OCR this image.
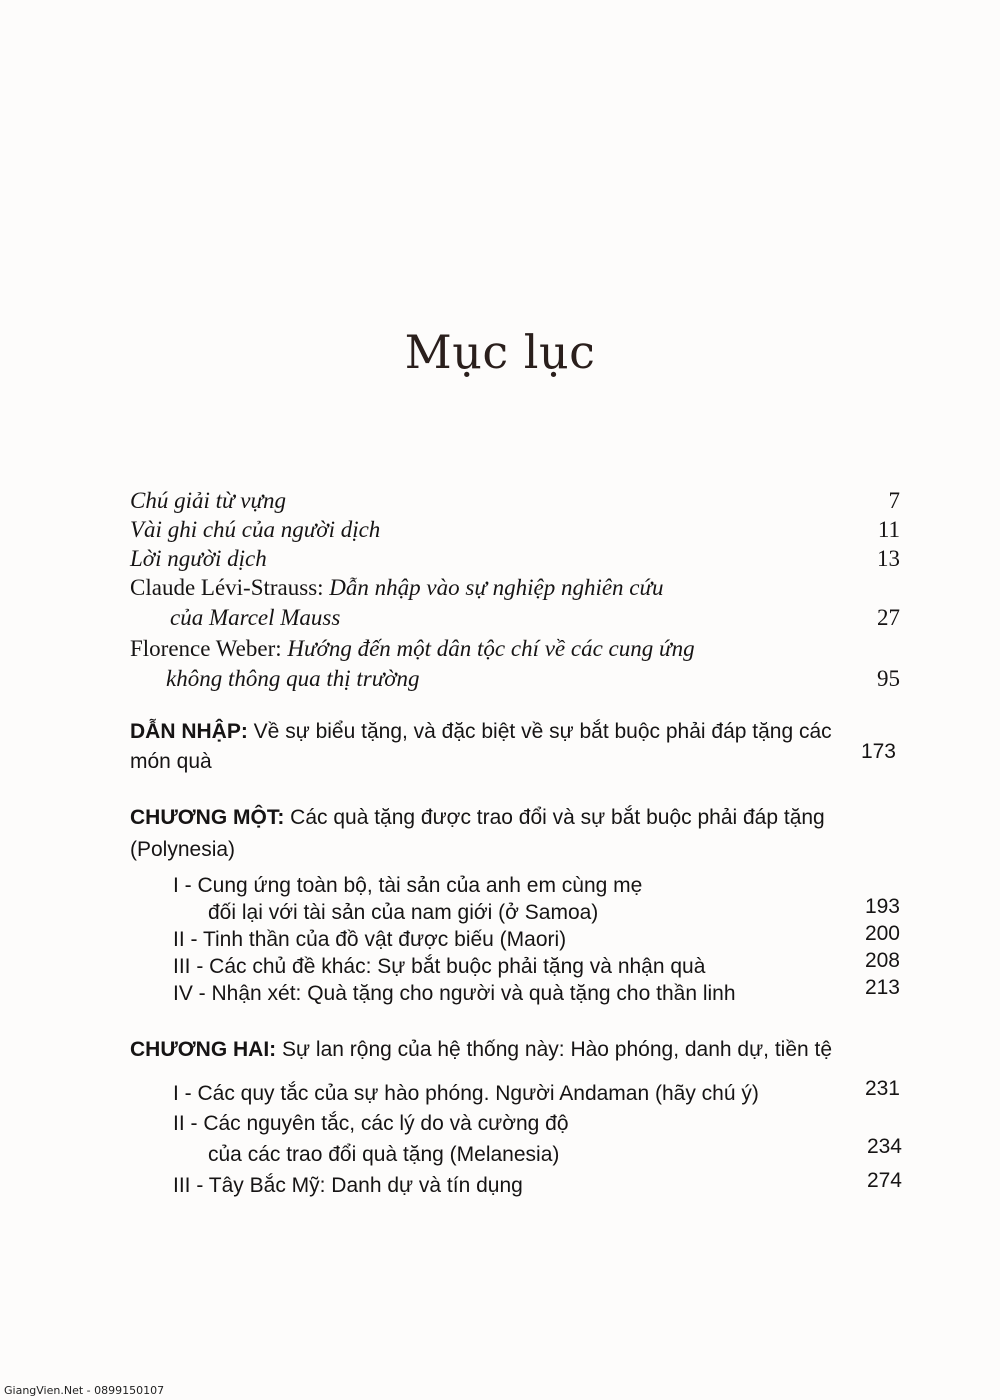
Mục lục
Chú giải từ vựng	7
Vài ghi chú của người dịch	11
Lời người dịch	13
Claude Lévi-Strauss: Dẫn nhập vào sự nghiệp nghiên cứu
của Marcel Mauss	27
Florence Weber: Hướng đến một dân tộc chí về các cung ứng
không thông qua thị trường	95
DẪN NHẬP: Về sự biểu tặng, và đặc biệt về sự bắt buộc phải đáp tặng các
món quà	173
CHƯƠNG MỘT: Các quà tặng được trao đổi và sự bắt buộc phải đáp tặng
(Polynesia)
I - Cung ứng toàn bộ, tài sản của anh em cùng mẹ
đối lại với tài sản của nam giới (ở Samoa)	193
II - Tinh thần của đồ vật được biếu (Maori)	200
III - Các chủ đề khác: Sự bắt buộc phải tặng và nhận quà	208
IV - Nhận xét: Quà tặng cho người và quà tặng cho thần linh	213
CHƯƠNG HAI: Sự lan rộng của hệ thống này: Hào phóng, danh dự, tiền tệ
I - Các quy tắc của sự hào phóng. Người Andaman (hãy chú ý)	231
II - Các nguyên tắc, các lý do và cường độ
của các trao đổi quà tặng (Melanesia)	234
III - Tây Bắc Mỹ: Danh dự và tín dụng	274
GiangVien.Net - 0899150107
